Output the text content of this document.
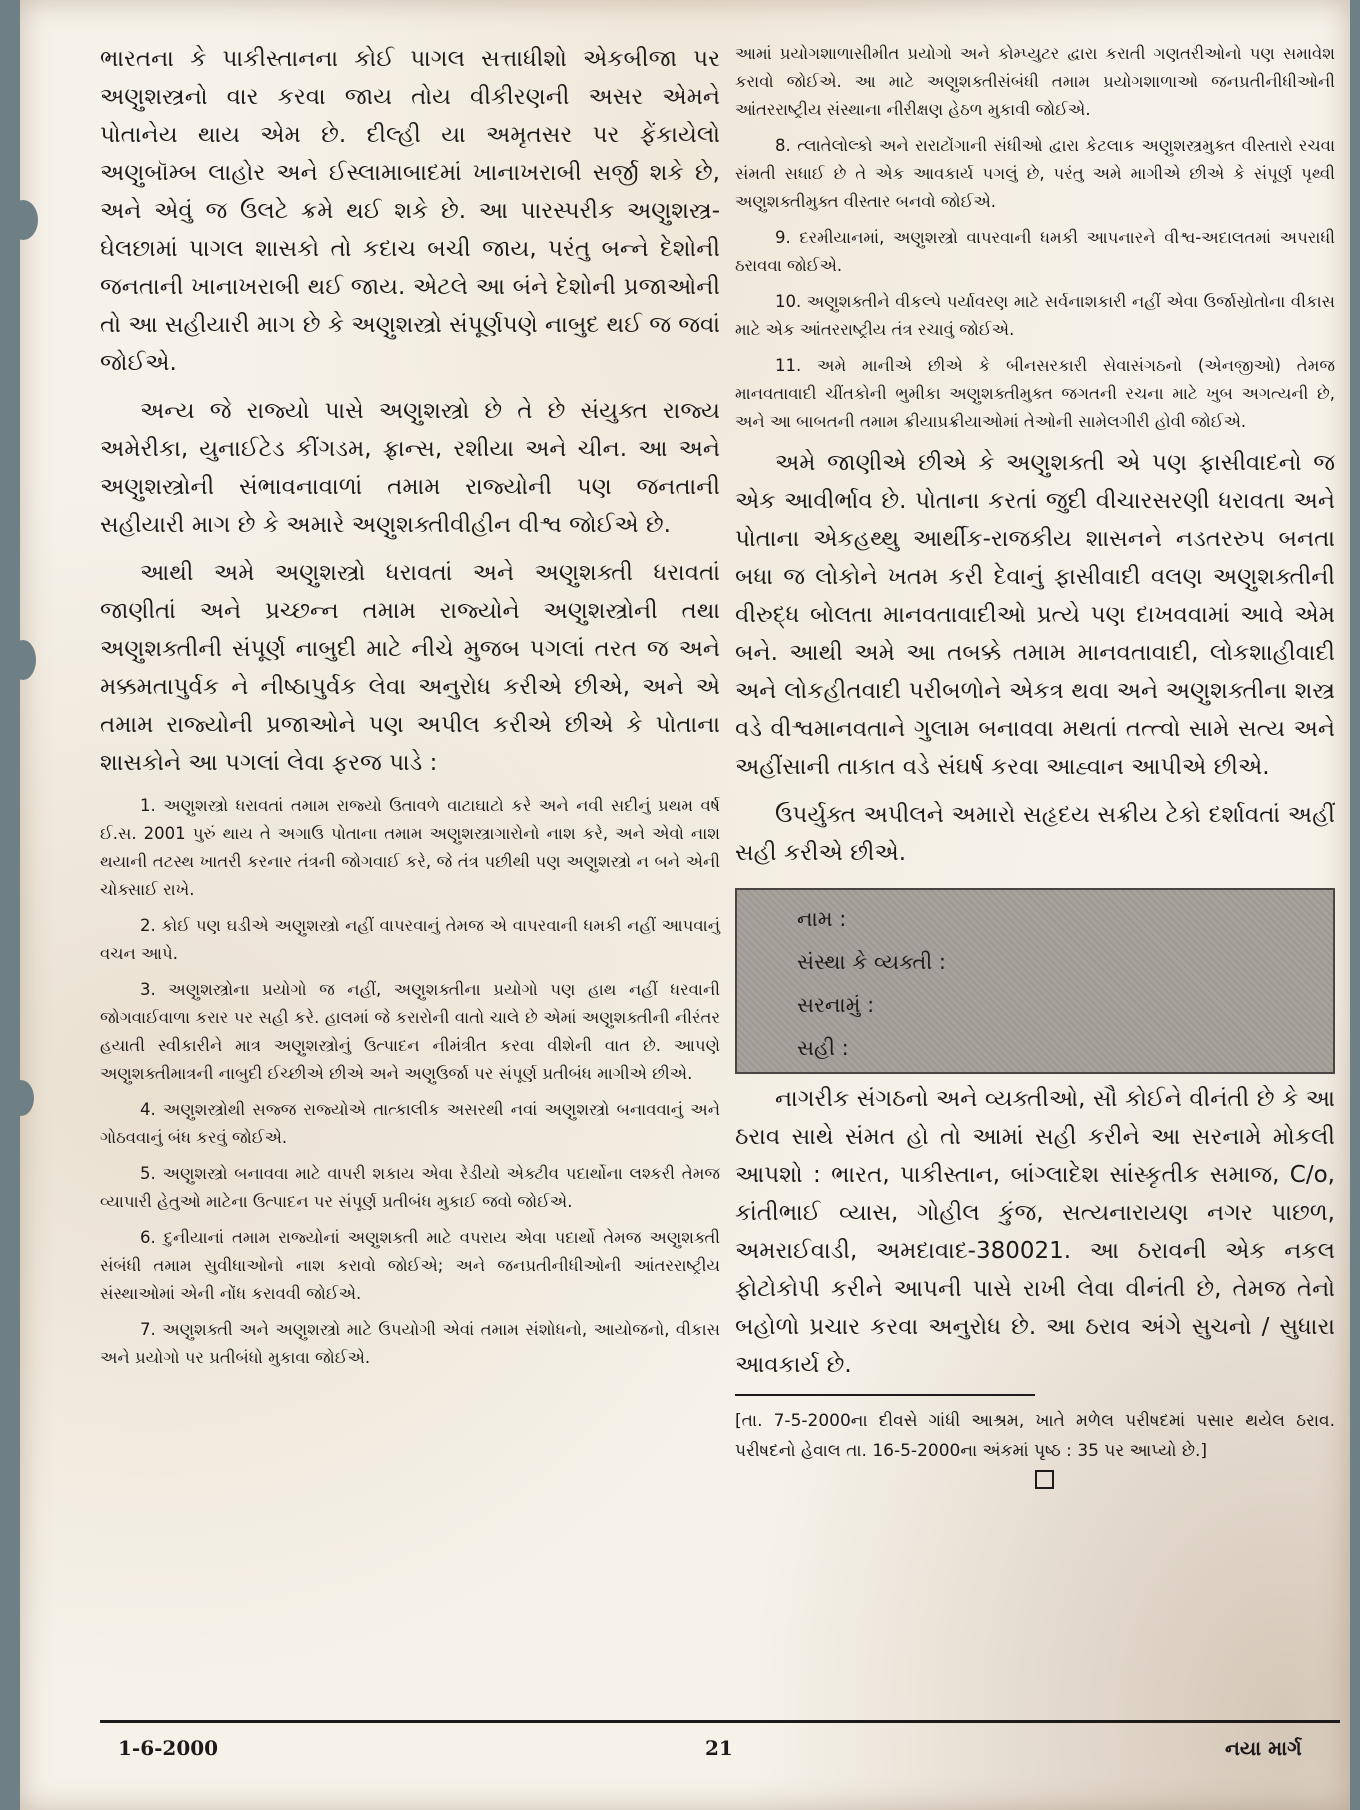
ભારતના કે પાકીસ્તાનના કોઈ પાગલ સત્તાધીશો એકબીજા પર અણુશસ્ત્રનો વાર કરવા જાય તોય વીકીરણની અસર એમને પોતાનેય થાય એમ છે. દીલ્હી યા અમૃતસર પર ફેંકાયેલો અણુબૉમ્બ લાહોર અને ઈસ્લામાબાદમાં ખાનાખરાબી સર્જી શકે છે, અને એવું જ ઉલટે ક્રમે થઈ શકે છે. આ પારસ્પરીક અણુશસ્ત્ર-ઘેલછામાં પાગલ શાસકો તો કદાચ બચી જાય, પરંતુ બન્ને દેશોની જનતાની ખાનાખરાબી થઈ જાય. એટલે આ બંને દેશોની પ્રજાઓની તો આ સહીયારી માગ છે કે અણુશસ્ત્રો સંપૂર્ણપણે નાબુદ થઈ જ જવાં જોઈએ.

અન્ય જે રાજ્યો પાસે અણુશસ્ત્રો છે તે છે સંયુક્ત રાજ્ય અમેરીકા, યુનાઈટેડ કીંગડમ, ફ્રાન્સ, રશીયા અને ચીન. આ અને અણુશસ્ત્રોની સંભાવનાવાળાં તમામ રાજ્યોની પણ જનતાની સહીયારી માગ છે કે અમારે અણુશક્તીવીહીન વીશ્વ જોઈએ છે.

આથી અમે અણુશસ્ત્રો ધરાવતાં અને અણુશક્તી ધરાવતાં જાણીતાં અને પ્રચ્છન્ન તમામ રાજ્યોને અણુશસ્ત્રોની તથા અણુશક્તીની સંપૂર્ણ નાબુદી માટે નીચે મુજબ પગલાં તરત જ અને મક્કમતાપુર્વક ને નીષ્ઠાપુર્વક લેવા અનુરોધ કરીએ છીએ, અને એ તમામ રાજ્યોની પ્રજાઓને પણ અપીલ કરીએ છીએ કે પોતાના શાસકોને આ પગલાં લેવા ફરજ પાડે :

1. અણુશસ્ત્રો ધરાવતાં તમામ રાજ્યો ઉતાવળે વાટાઘાટો કરે અને નવી સદીનું પ્રથમ વર્ષ ઈ.સ. 2001 પુરું થાય તે અગાઉ પોતાના તમામ અણુશસ્ત્રાગારોનો નાશ કરે, અને એવો નાશ થયાની તટસ્થ ખાતરી કરનાર તંત્રની જોગવાઈ કરે, જે તંત્ર પછીથી પણ અણુશસ્ત્રો ન બને એની ચોક્સાઈ રાખે.

2. કોઈ પણ ઘડીએ અણુશસ્ત્રો નહીં વાપરવાનું તેમજ એ વાપરવાની ધમકી નહીં આપવાનું વચન આપે.

3. અણુશસ્ત્રોના પ્રયોગો જ નહીં, અણુશક્તીના પ્રયોગો પણ હાથ નહીં ધરવાની જોગવાઈવાળા કરાર પર સહી કરે. હાલમાં જે કરારોની વાતો ચાલે છે એમાં અણુશક્તીની નીરંતર હયાતી સ્વીકારીને માત્ર અણુશસ્ત્રોનું ઉત્પાદન નીમંત્રીત કરવા વીશેની વાત છે. આપણે અણુશક્તીમાત્રની નાબુદી ઈચ્છીએ છીએ અને અણુઉર્જા પર સંપૂર્ણ પ્રતીબંધ માગીએ છીએ.

4. અણુશસ્ત્રોથી સજ્જ રાજ્યોએ તાત્કાલીક અસરથી નવાં અણુશસ્ત્રો બનાવવાનું અને ગોઠવવાનું બંધ કરવું જોઈએ.

5. અણુશસ્ત્રો બનાવવા માટે વાપરી શકાય એવા રેડીયો એક્ટીવ પદાર્થોના લશ્કરી તેમજ વ્યાપારી હેતુઓ માટેના ઉત્પાદન પર સંપૂર્ણ પ્રતીબંધ મુકાઈ જવો જોઈએ.

6. દુનીયાનાં તમામ રાજ્યોનાં અણુશક્તી માટે વપરાય એવા પદાર્થો તેમજ અણુશક્તી સંબંધી તમામ સુવીધાઓનો નાશ કરાવો જોઈએ; અને જનપ્રતીનીધીઓની આંતરરાષ્ટ્રીય સંસ્થાઓમાં એની નોંધ કરાવવી જોઈએ.

7. અણુશક્તી અને અણુશસ્ત્રો માટે ઉપયોગી એવાં તમામ સંશોધનો, આયોજનો, વીકાસ અને પ્રયોગો પર પ્રતીબંધો મુકાવા જોઈએ.

આમાં પ્રયોગશાળાસીમીત પ્રયોગો અને કોમ્પ્યુટર દ્વારા કરાતી ગણતરીઓનો પણ સમાવેશ કરાવો જોઈએ. આ માટે અણુશક્તીસંબંધી તમામ પ્રયોગશાળાઓ જનપ્રતીનીધીઓની આંતરરાષ્ટ્રીય સંસ્થાના નીરીક્ષણ હેઠળ મુકાવી જોઈએ.

8. ત્લાતેલોલ્કો અને રારાટોંગાની સંધીઓ દ્વારા કેટલાક અણુશસ્ત્રમુક્ત વીસ્તારો રચવા સંમતી સધાઈ છે તે એક આવકાર્ય પગલું છે, પરંતુ અમે માગીએ છીએ કે સંપૂર્ણ પૃથ્વી અણુશક્તીમુક્ત વીસ્તાર બનવો જોઈએ.

9. દરમીયાનમાં, અણુશસ્ત્રો વાપરવાની ધમકી આપનારને વીશ્વ-અદાલતમાં અપરાધી ઠરાવવા જોઈએ.

10. અણુશક્તીને વીકલ્પે પર્યાવરણ માટે સર્વનાશકારી નહીં એવા ઉર્જાસ્રોતોના વીકાસ માટે એક આંતરરાષ્ટ્રીય તંત્ર રચાવું જોઈએ.

11. અમે માનીએ છીએ કે બીનસરકારી સેવાસંગઠનો (એનજીઓ) તેમજ માનવતાવાદી ચીંતકોની ભુમીકા અણુશક્તીમુક્ત જગતની રચના માટે ખુબ અગત્યની છે, અને આ બાબતની તમામ ક્રીયાપ્રક્રીયાઓમાં તેઓની સામેલગીરી હોવી જોઈએ.

અમે જાણીએ છીએ કે અણુશક્તી એ પણ ફાસીવાદનો જ એક આવીર્ભાવ છે. પોતાના કરતાં જુદી વીચારસરણી ધરાવતા અને પોતાના એકહથ્થુ આર્થીક-રાજકીય શાસનને નડતરરુપ બનતા બધા જ લોકોને ખતમ કરી દેવાનું ફાસીવાદી વલણ અણુશક્તીની વીરુદ્ધ બોલતા માનવતાવાદીઓ પ્રત્યે પણ દાખવવામાં આવે એમ બને. આથી અમે આ તબક્કે તમામ માનવતાવાદી, લોકશાહીવાદી અને લોકહીતવાદી પરીબળોને એકત્ર થવા અને અણુશક્તીના શસ્ત્ર વડે વીશ્વમાનવતાને ગુલામ બનાવવા મથતાં તત્ત્વો સામે સત્ય અને અહીંસાની તાકાત વડે સંઘર્ષ કરવા આહ્વાન આપીએ છીએ.

ઉપર્યુક્ત અપીલને અમારો સહૃદય સક્રીય ટેકો દર્શાવતાં અહીં સહી કરીએ છીએ.

નામ :
સંસ્થા કે વ્યક્તી :
સરનામું :
સહી :

નાગરીક સંગઠનો અને વ્યક્તીઓ, સૌ કોઈને વીનંતી છે કે આ ઠરાવ સાથે સંમત હો તો આમાં સહી કરીને આ સરનામે મોકલી આપશો : ભારત, પાકીસ્તાન, બાંગ્લાદેશ સાંસ્કૃતીક સમાજ, C/o, કાંતીભાઈ વ્યાસ, ગોહીલ કુંજ, સત્યનારાયણ નગર પાછળ, અમરાઈવાડી, અમદાવાદ-380021. આ ઠરાવની એક નકલ ફોટોકોપી કરીને આપની પાસે રાખી લેવા વીનંતી છે, તેમજ તેનો બહોળો પ્રચાર કરવા અનુરોધ છે. આ ઠરાવ અંગે સુચનો / સુધારા આવકાર્ય છે.

[તા. 7-5-2000ના દીવસે ગાંધી આશ્રમ, ખાતે મળેલ પરીષદમાં પસાર થયેલ ઠરાવ. પરીષદનો હેવાલ તા. 16-5-2000ના અંકમાં પૃષ્ઠ : 35 પર આપ્યો છે.]

1-6-2000	21	નયા માર્ગ
